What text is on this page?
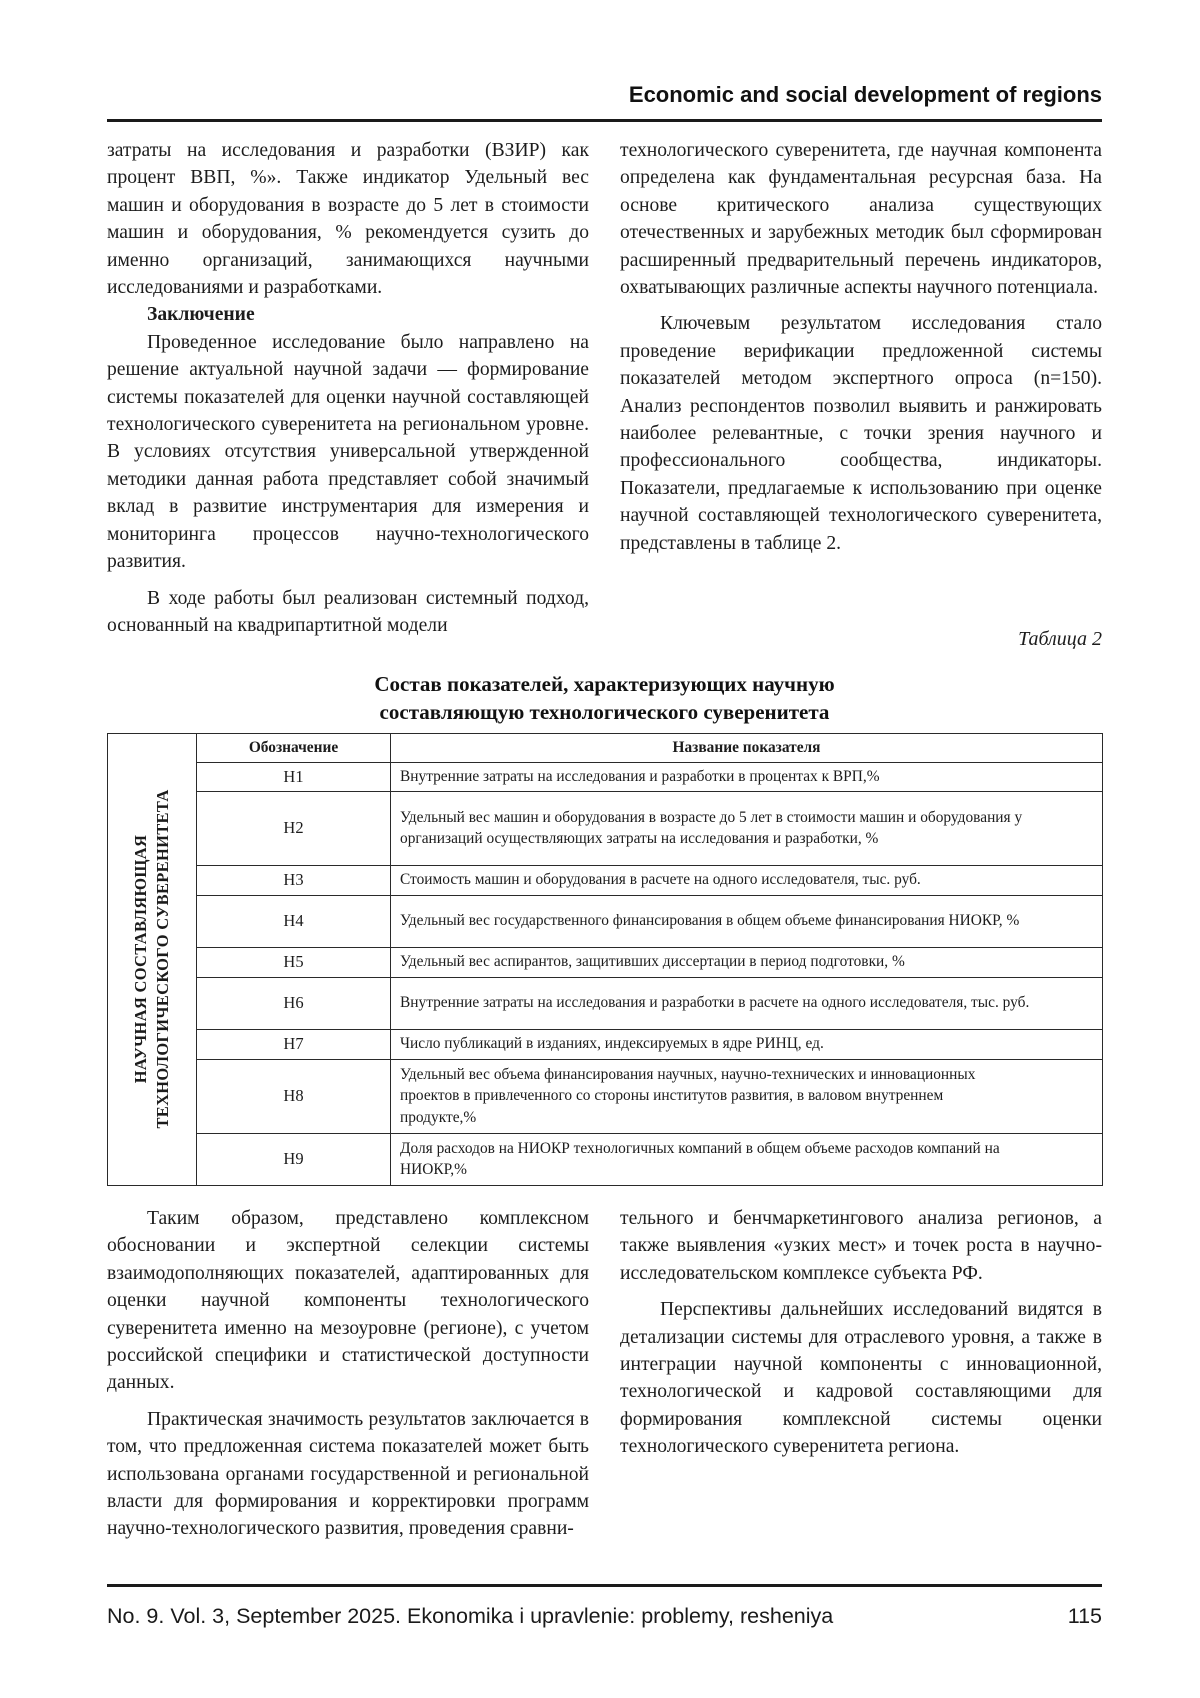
Economic and social development of regions

затраты на исследования и разработки (ВЗИР) как процент ВВП, %». Также индикатор Удельный вес машин и оборудования в возрасте до 5 лет в стоимости машин и оборудования, % рекомендуется сузить до именно организаций, занимающихся научными исследованиями и разработками.

Заключение

Проведенное исследование было направлено на решение актуальной научной задачи — формирование системы показателей для оценки научной составляющей технологического суверенитета на региональном уровне. В условиях отсутствия универсальной утвержденной методики данная работа представляет собой значимый вклад в развитие инструментария для измерения и мониторинга процессов научно-технологического развития.

В ходе работы был реализован системный подход, основанный на квадрипартитной модели

технологического суверенитета, где научная компонента определена как фундаментальная ресурсная база. На основе критического анализа существующих отечественных и зарубежных методик был сформирован расширенный предварительный перечень индикаторов, охватывающих различные аспекты научного потенциала.

Ключевым результатом исследования стало проведение верификации предложенной системы показателей методом экспертного опроса (n=150). Анализ респондентов позволил выявить и ранжировать наиболее релевантные, с точки зрения научного и профессионального сообщества, индикаторы. Показатели, предлагаемые к использованию при оценке научной составляющей технологического суверенитета, представлены в таблице 2.

Таблица 2
Состав показателей, характеризующих научную
составляющую технологического суверенитета
НАУЧНАЯ СОСТАВЛЯЮЩАЯ ТЕХНОЛОГИЧЕСКОГО СУВЕРЕНИТЕТА	Обозначение	Название показателя
	Н1	Внутренние затраты на исследования и разработки в процентах к ВРП,%
	Н2	Удельный вес машин и оборудования в возрасте до 5 лет в стоимости машин и оборудования у организаций осуществляющих затраты на исследования и разработки, %

	Н3	Стоимость машин и оборудования в расчете на одного исследователя, тыс. руб.
	Н4	Удельный вес государственного финансирования в общем объеме финансирования НИОКР, %
	Н5	Удельный вес аспирантов, защитивших диссертации в период подготовки, %
	Н6	Внутренние затраты на исследования и разработки в расчете на одного исследователя, тыс. руб.
	Н7	Число публикаций в изданиях, индексируемых в ядре РИНЦ, ед.
	Н8	Удельный вес объема финансирования научных, научно-технических и инновационных проектов в привлеченного со стороны институтов развития, в валовом внутреннем продукте,%

	Н9	Доля расходов на НИОКР технологичных компаний в общем объеме расходов компаний на НИОКР,%

Таким образом, представлено комплексном обосновании и экспертной селекции системы взаимодополняющих показателей, адаптированных для оценки научной компоненты технологического суверенитета именно на мезоуровне (регионе), с учетом российской специфики и статистической доступности данных.

Практическая значимость результатов заключается в том, что предложенная система показателей может быть использована органами государственной и региональной власти для формирования и корректировки программ научно-технологического развития, проведения сравни-

тельного и бенчмаркетингового анализа регионов, а также выявления «узких мест» и точек роста в научно-исследовательском комплексе субъекта РФ.

Перспективы дальнейших исследований видятся в детализации системы для отраслевого уровня, а также в интеграции научной компоненты с инновационной, технологической и кадровой составляющими для формирования комплексной системы оценки технологического суверенитета региона.

No. 9. Vol. 3, September 2025. Ekonomika i upravlenie: problemy, resheniya	115
